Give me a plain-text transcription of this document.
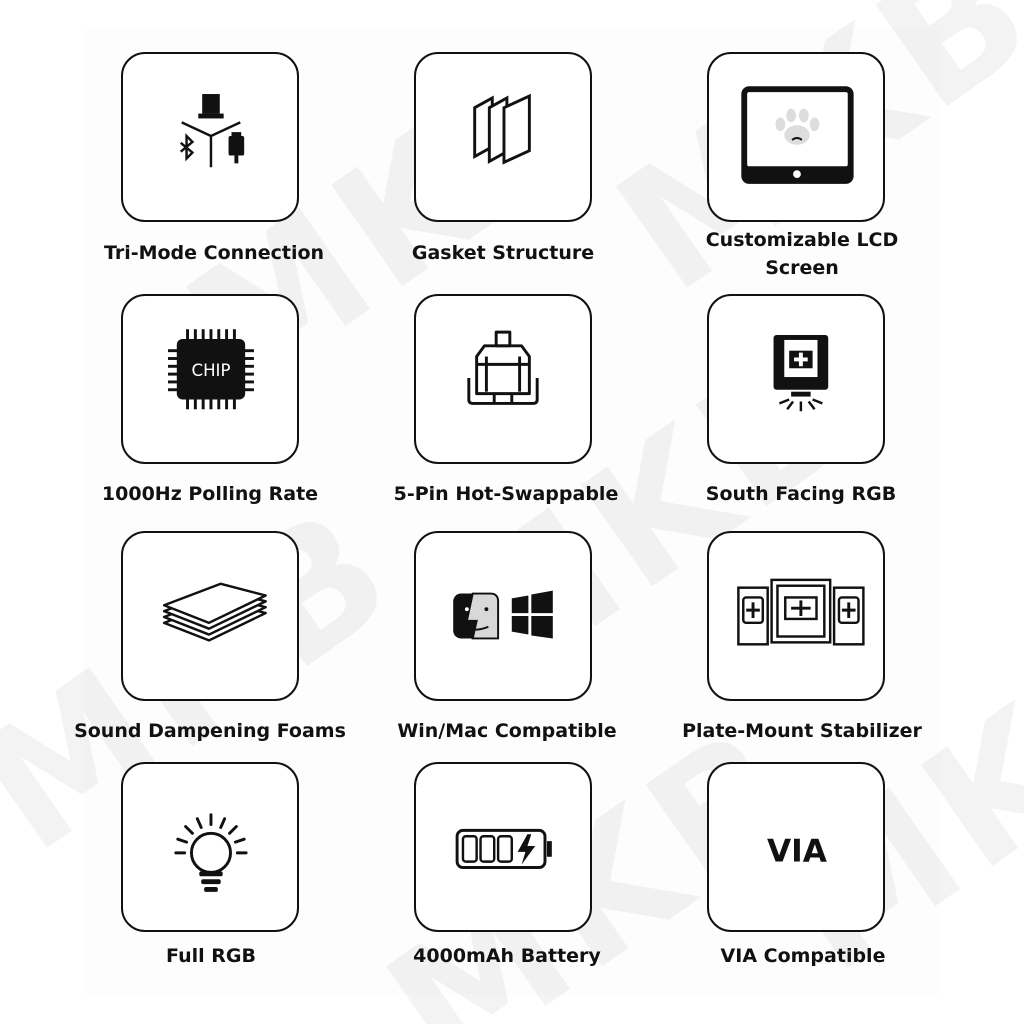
Tri-Mode Connection	Gasket Structure
Customizable LCD Screen
CHIP
1000Hz Polling Rate	5-Pin Hot-Swappable	South Facing RGB
Sound Dampening Foams	Win/Mac Compatible	Plate-Mount Stabilizer
Full RGB	4000mAh Battery
VIA
VIA Compatible
